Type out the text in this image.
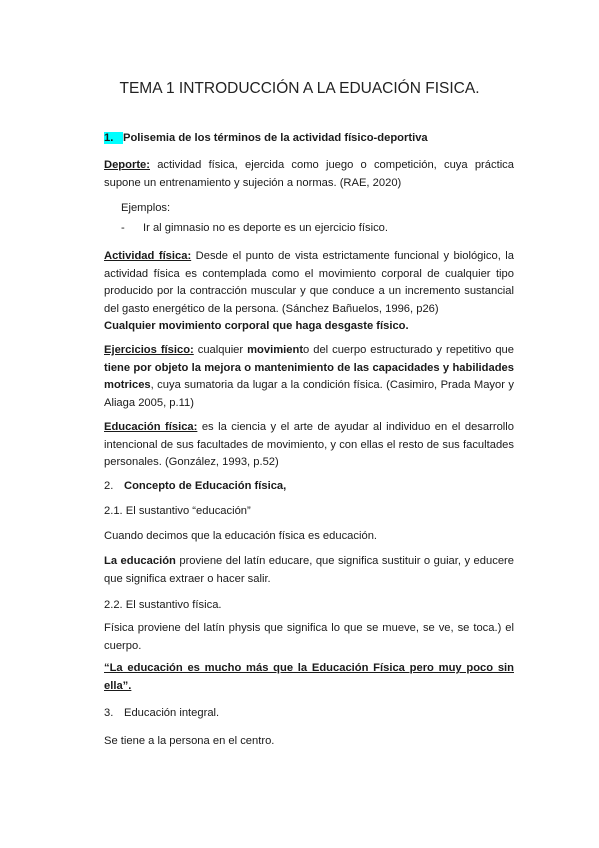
TEMA 1 INTRODUCCIÓN A LA EDUACIÓN FISICA.
1. Polisemia de los términos de la actividad físico-deportiva
Deporte: actividad física, ejercida como juego o competición, cuya práctica supone un entrenamiento y sujeción a normas. (RAE, 2020)
Ejemplos:
- Ir al gimnasio no es deporte es un ejercicio físico.
Actividad física: Desde el punto de vista estrictamente funcional y biológico, la actividad física es contemplada como el movimiento corporal de cualquier tipo producido por la contracción muscular y que conduce a un incremento sustancial del gasto energético de la persona. (Sánchez Bañuelos, 1996, p26)
Cualquier movimiento corporal que haga desgaste físico.
Ejercicios físico: cualquier movimiento del cuerpo estructurado y repetitivo que tiene por objeto la mejora o mantenimiento de las capacidades y habilidades motrices, cuya sumatoria da lugar a la condición física. (Casimiro, Prada Mayor y Aliaga 2005, p.11)
Educación física: es la ciencia y el arte de ayudar al individuo en el desarrollo intencional de sus facultades de movimiento, y con ellas el resto de sus facultades personales. (González, 1993, p.52)
2. Concepto de Educación física,
2.1. El sustantivo “educación”
Cuando decimos que la educación física es educación.
La educación proviene del latín educare, que significa sustituir o guiar, y educere que significa extraer o hacer salir.
2.2. El sustantivo física.
Física proviene del latín physis que significa lo que se mueve, se ve, se toca.) el cuerpo.
“La educación es mucho más que la Educación Física pero muy poco sin ella”.
3. Educación integral.
Se tiene a la persona en el centro.
